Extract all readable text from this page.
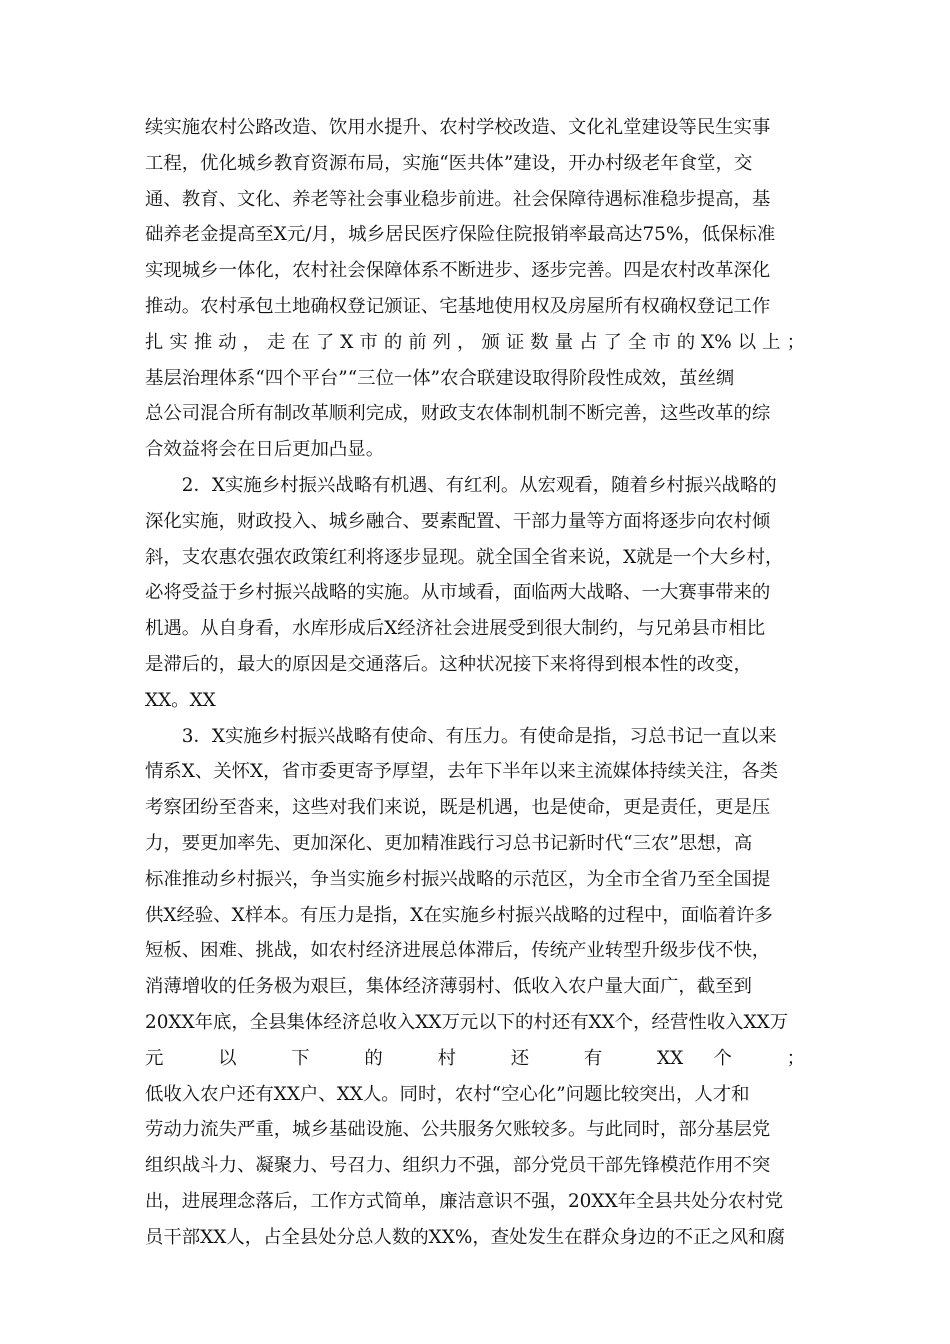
续实施农村公路改造、饮用水提升、农村学校改造、文化礼堂建设等民生实事
工程，优化城乡教育资源布局，实施“医共体”建设，开办村级老年食堂，交
通、教育、文化、养老等社会事业稳步前进。社会保障待遇标准稳步提高，基
础养老金提高至X元/月，城乡居民医疗保险住院报销率最高达75%，低保标准
实现城乡一体化，农村社会保障体系不断进步、逐步完善。四是农村改革深化
推动。农村承包土地确权登记颁证、宅基地使用权及房屋所有权确权登记工作
扎实推动，走在了X市的前列，颁证数量占了全市的X%以上；
基层治理体系“四个平台”“三位一体”农合联建设取得阶段性成效，茧丝绸
总公司混合所有制改革顺利完成，财政支农体制机制不断完善，这些改革的综
合效益将会在日后更加凸显。
　　2．X实施乡村振兴战略有机遇、有红利。从宏观看，随着乡村振兴战略的
深化实施，财政投入、城乡融合、要素配置、干部力量等方面将逐步向农村倾
斜，支农惠农强农政策红利将逐步显现。就全国全省来说，X就是一个大乡村，
必将受益于乡村振兴战略的实施。从市域看，面临两大战略、一大赛事带来的
机遇。从自身看，水库形成后X经济社会进展受到很大制约，与兄弟县市相比
是滞后的，最大的原因是交通落后。这种状况接下来将得到根本性的改变，
XX。XX
　　3．X实施乡村振兴战略有使命、有压力。有使命是指，习总书记一直以来
情系X、关怀X，省市委更寄予厚望，去年下半年以来主流媒体持续关注，各类
考察团纷至沓来，这些对我们来说，既是机遇，也是使命，更是责任，更是压
力，要更加率先、更加深化、更加精准践行习总书记新时代“三农”思想，高
标准推动乡村振兴，争当实施乡村振兴战略的示范区，为全市全省乃至全国提
供X经验、X样本。有压力是指，X在实施乡村振兴战略的过程中，面临着许多
短板、困难、挑战，如农村经济进展总体滞后，传统产业转型升级步伐不快，
消薄增收的任务极为艰巨，集体经济薄弱村、低收入农户量大面广，截至到
20XX年底，全县集体经济总收入XX万元以下的村还有XX个，经营性收入XX万
元 以 下 的 村 还 有 XX 个 ；
低收入农户还有XX户、XX人。同时，农村“空心化”问题比较突出，人才和
劳动力流失严重，城乡基础设施、公共服务欠账较多。与此同时，部分基层党
组织战斗力、凝聚力、号召力、组织力不强，部分党员干部先锋模范作用不突
出，进展理念落后，工作方式简单，廉洁意识不强，20XX年全县共处分农村党
员干部XX人，占全县处分总人数的XX%，查处发生在群众身边的不正之风和腐
